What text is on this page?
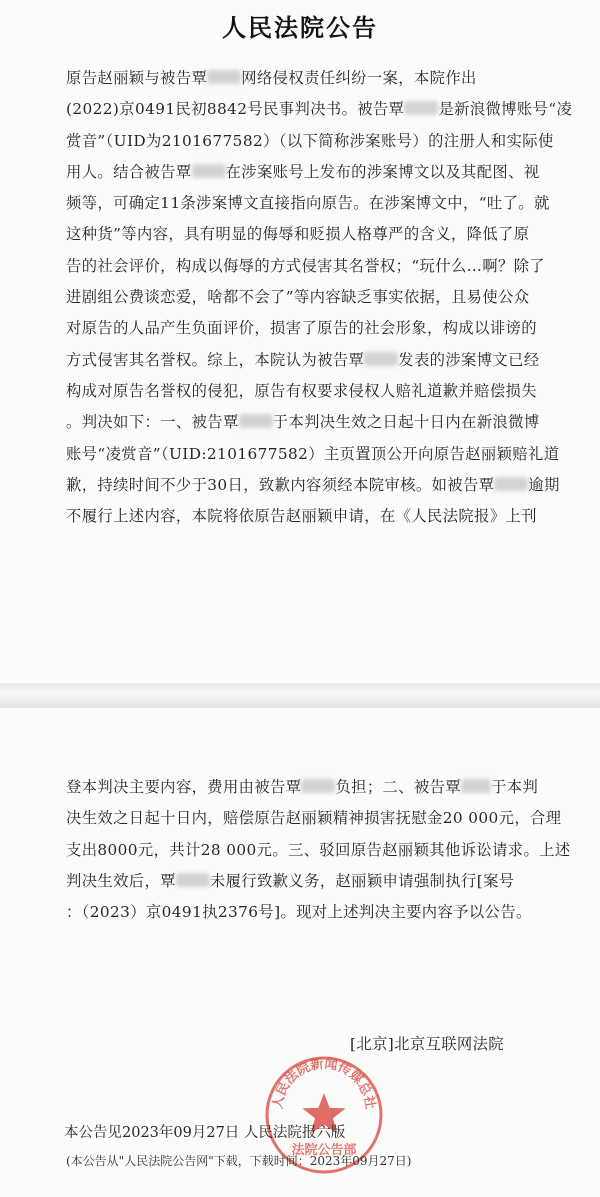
人民法院公告
原告赵丽颖与被告覃 网络侵权责任纠纷一案，本院作出
(2022)京0491民初8842号民事判决书。被告覃 是新浪微博账号“凌
赏音”（UID为2101677582）（以下简称涉案账号）的注册人和实际使
用人。结合被告覃 在涉案账号上发布的涉案博文以及其配图、视
频等，可确定11条涉案博文直接指向原告。在涉案博文中，“吐了。就
这种货”等内容，具有明显的侮辱和贬损人格尊严的含义，降低了原
告的社会评价，构成以侮辱的方式侵害其名誉权；“玩什么…啊？除了
进剧组公费谈恋爱，啥都不会了”等内容缺乏事实依据，且易使公众
对原告的人品产生负面评价，损害了原告的社会形象，构成以诽谤的
方式侵害其名誉权。综上，本院认为被告覃 发表的涉案博文已经
构成对原告名誉权的侵犯，原告有权要求侵权人赔礼道歉并赔偿损失
。判决如下：一、被告覃 于本判决生效之日起十日内在新浪微博
账号“凌赏音”（UID:2101677582）主页置顶公开向原告赵丽颖赔礼道
歉，持续时间不少于30日，致歉内容须经本院审核。如被告覃 逾期
不履行上述内容，本院将依原告赵丽颖申请，在《人民法院报》上刊
登本判决主要内容，费用由被告覃 负担；二、被告覃 于本判
决生效之日起十日内，赔偿原告赵丽颖精神损害抚慰金20 000元，合理
支出8000元，共计28 000元。三、驳回原告赵丽颖其他诉讼请求。上述
判决生效后，覃 未履行致歉义务，赵丽颖申请强制执行[案号
：（2023）京0491执2376号]。现对上述判决主要内容予以公告。
[北京]北京互联网法院
人民法院新闻传媒总社
法院公告部
本公告见2023年09月27日 人民法院报六版
(本公告从"人民法院公告网"下载，下载时间：2023年09月27日)
